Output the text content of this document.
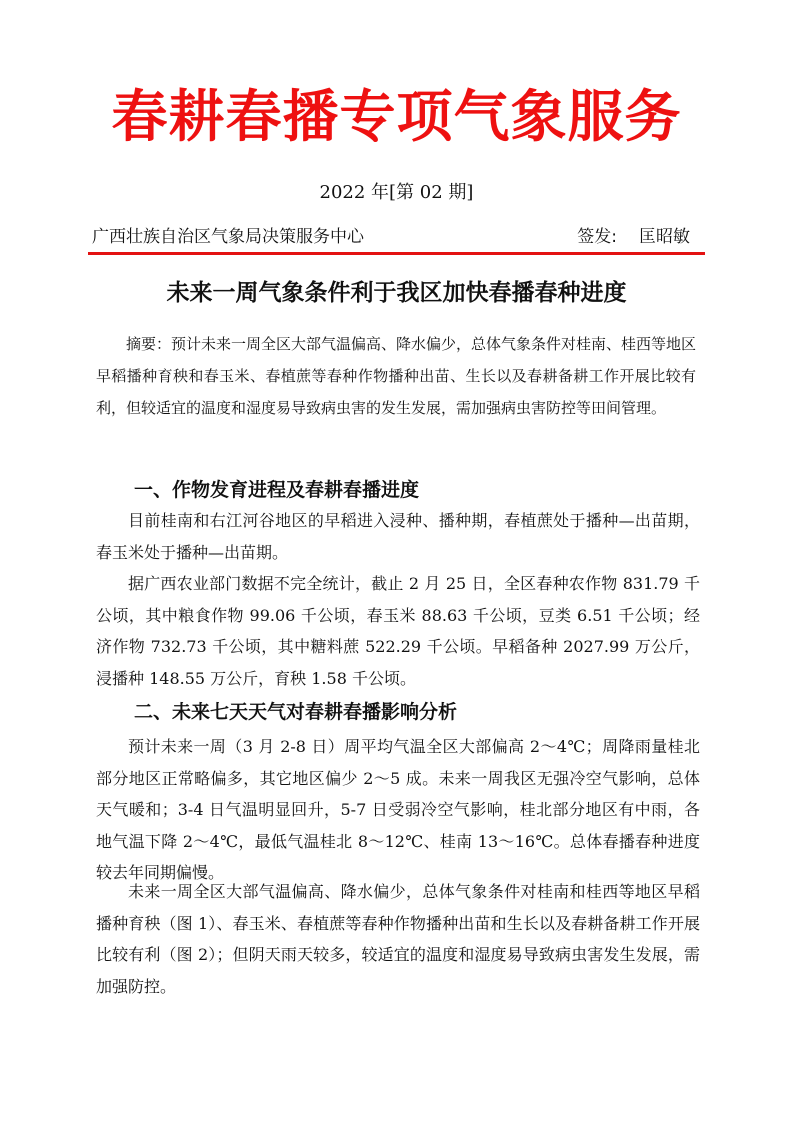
春耕春播专项气象服务
2022 年[第 02 期]
广西壮族自治区气象局决策服务中心	签发: 匡昭敏
未来一周气象条件利于我区加快春播春种进度

摘要：预计未来一周全区大部气温偏高、降水偏少，总体气象条件对桂南、桂西等地区早稻播种育秧和春玉米、春植蔗等春种作物播种出苗、生长以及春耕备耕工作开展比较有利，但较适宜的温度和湿度易导致病虫害的发生发展，需加强病虫害防控等田间管理。

一、作物发育进程及春耕春播进度

目前桂南和右江河谷地区的早稻进入浸种、播种期，春植蔗处于播种—出苗期，春玉米处于播种—出苗期。

据广西农业部门数据不完全统计，截止 2 月 25 日，全区春种农作物 831.79 千公顷，其中粮食作物 99.06 千公顷，春玉米 88.63 千公顷，豆类 6.51 千公顷；经济作物 732.73 千公顷，其中糖料蔗 522.29 千公顷。早稻备种 2027.99 万公斤，浸播种 148.55 万公斤，育秧 1.58 千公顷。

二、未来七天天气对春耕春播影响分析

预计未来一周（3 月 2-8 日）周平均气温全区大部偏高 2～4℃；周降雨量桂北部分地区正常略偏多，其它地区偏少 2～5 成。未来一周我区无强冷空气影响，总体天气暖和；3-4 日气温明显回升，5-7 日受弱冷空气影响，桂北部分地区有中雨，各地气温下降 2～4℃，最低气温桂北 8～12℃、桂南 13～16℃。总体春播春种进度较去年同期偏慢。

未来一周全区大部气温偏高、降水偏少，总体气象条件对桂南和桂西等地区早稻播种育秧（图 1）、春玉米、春植蔗等春种作物播种出苗和生长以及春耕备耕工作开展比较有利（图 2）；但阴天雨天较多，较适宜的温度和湿度易导致病虫害发生发展，需加强防控。
